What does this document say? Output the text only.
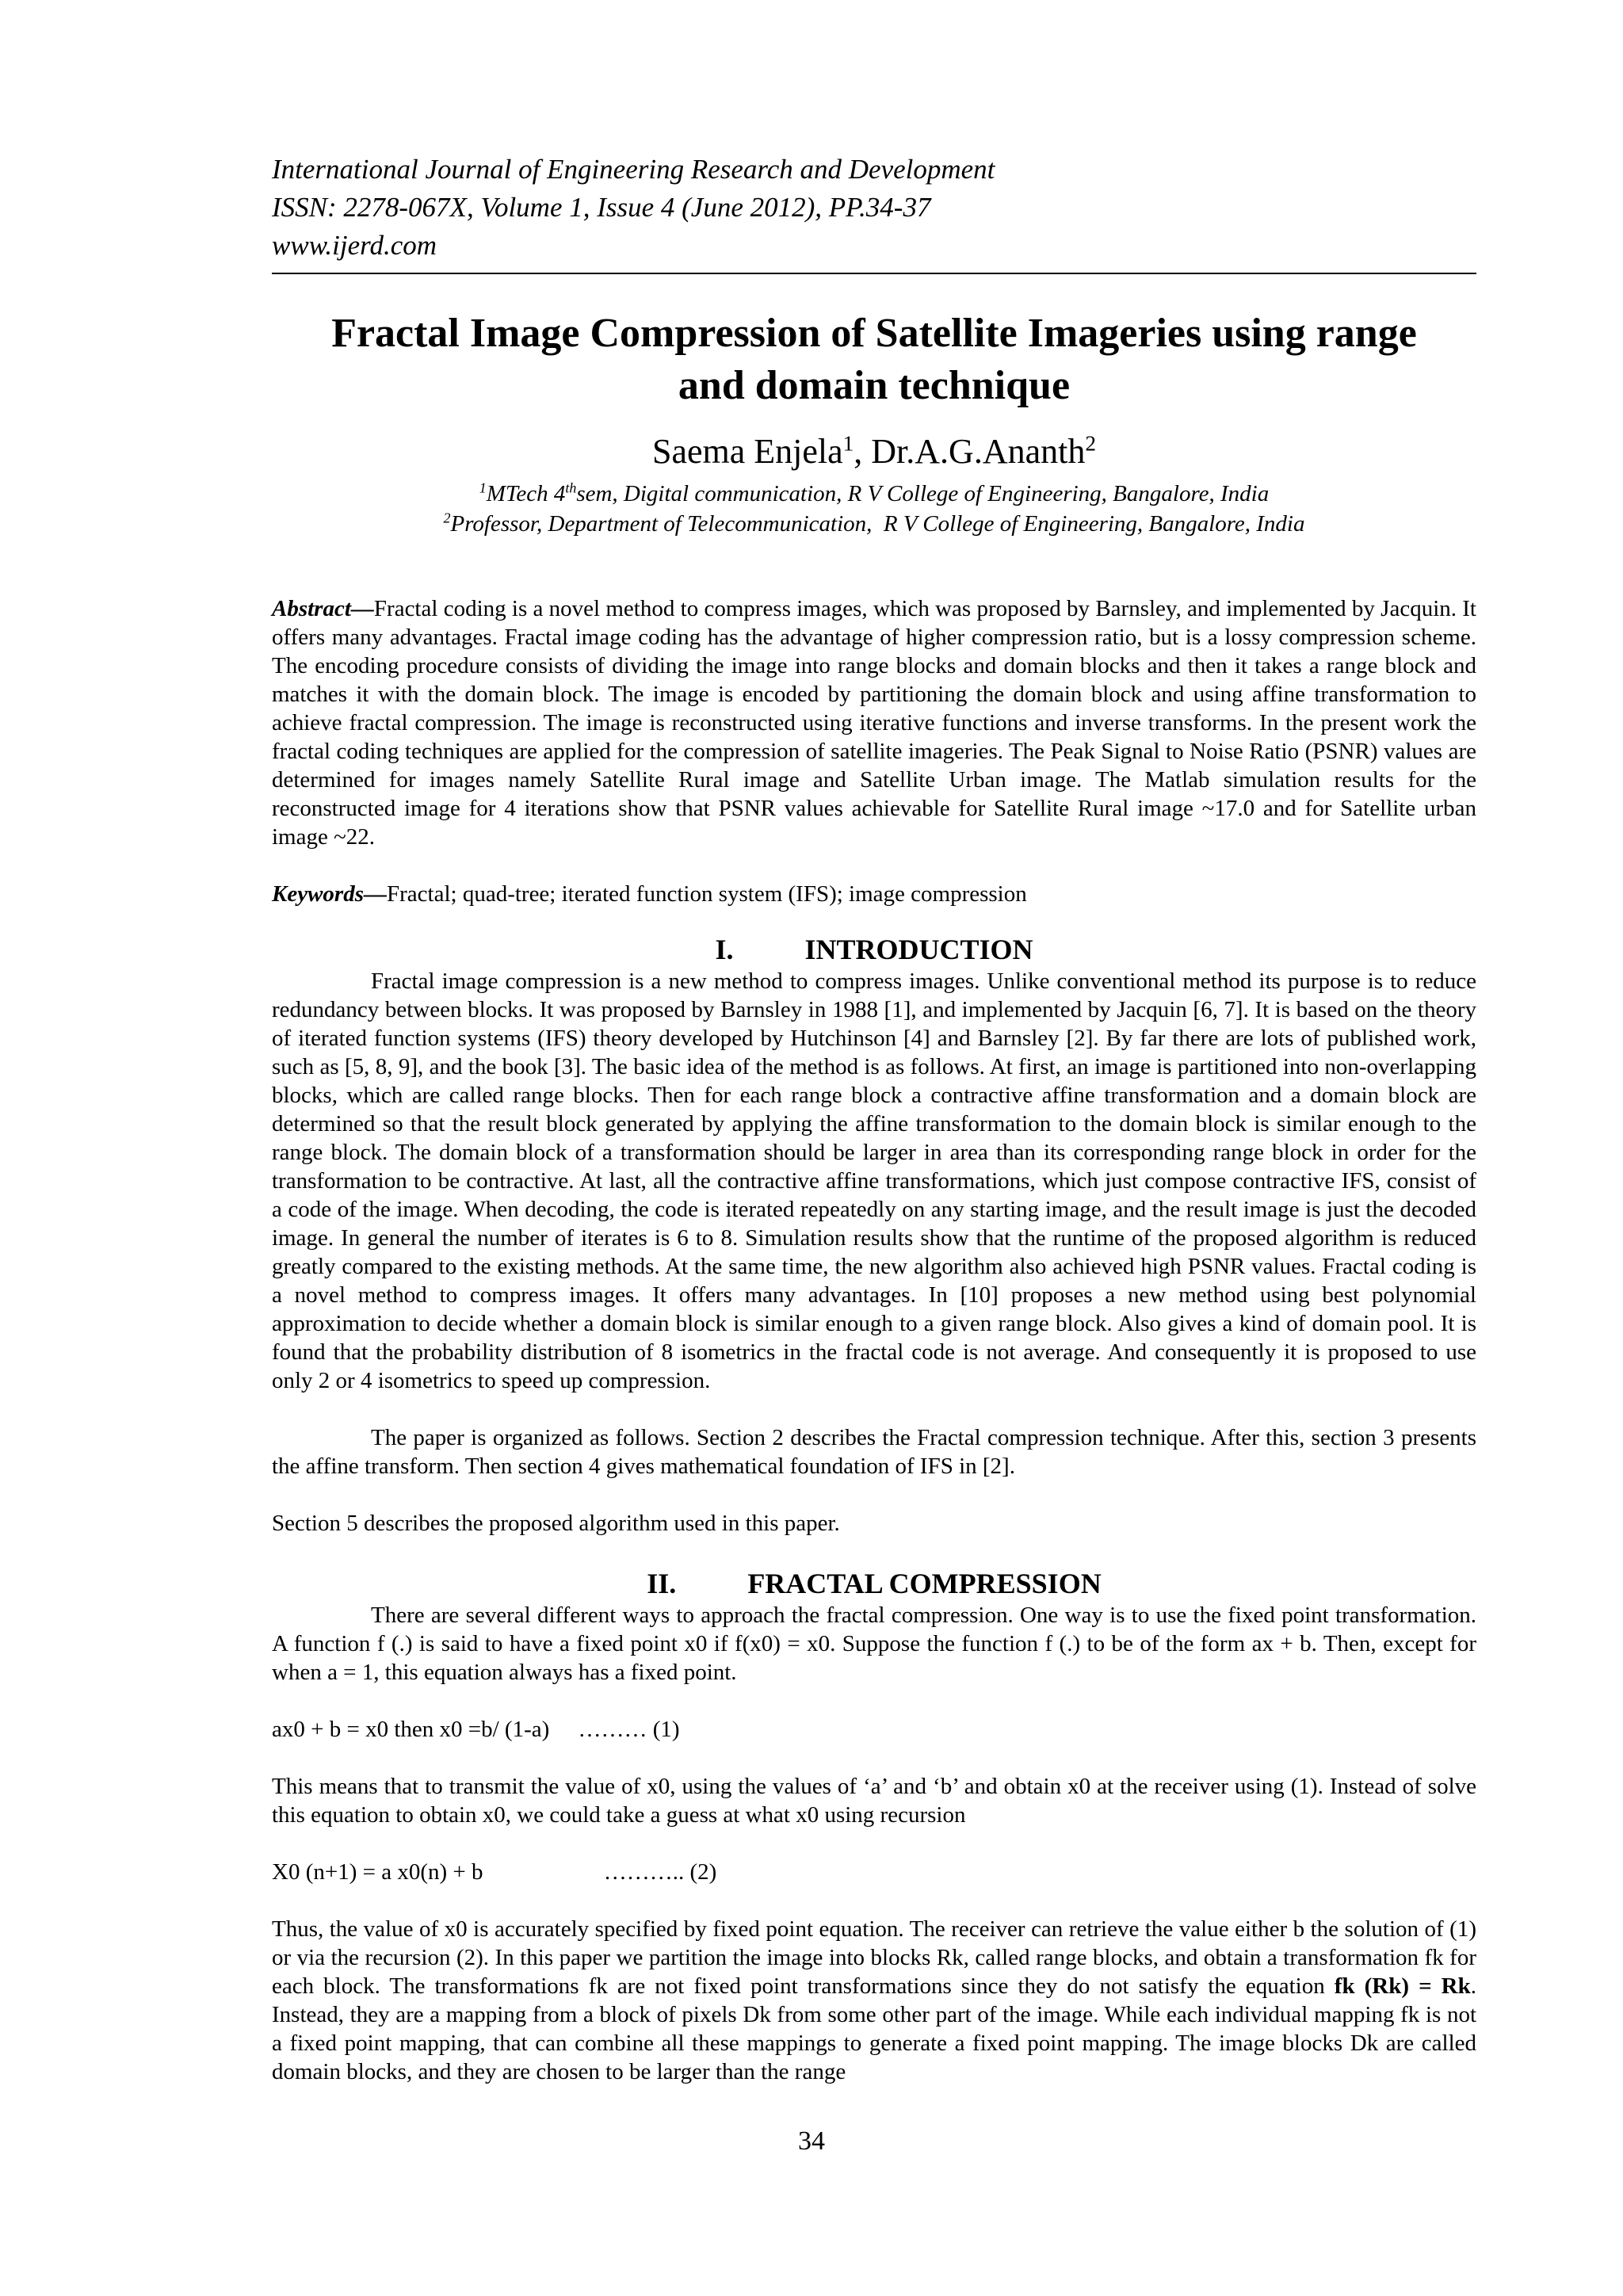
International Journal of Engineering Research and Development

ISSN: 2278-067X, Volume 1, Issue 4 (June 2012), PP.34-37

www.ijerd.com

Fractal Image Compression of Satellite Imageries using range
and domain technique
Saema Enjela$^1$, Dr.A.G.Ananth$^2$

$^1$MTech 4thsem, Digital communication, R V College of Engineering, Bangalore, India

$^2$Professor, Department of Telecommunication,  R V College of Engineering, Bangalore, India

Abstract—Fractal coding is a novel method to compress images, which was proposed by Barnsley, and implemented by Jacquin. It offers many advantages. Fractal image coding has the advantage of higher compression ratio, but is a lossy compression scheme. The encoding procedure consists of dividing the image into range blocks and domain blocks and then it takes a range block and matches it with the domain block. The image is encoded by partitioning the domain block and using affine transformation to achieve fractal compression. The image is reconstructed using iterative functions and inverse transforms. In the present work the fractal coding techniques are applied for the compression of satellite imageries. The Peak Signal to Noise Ratio (PSNR) values are determined for images namely Satellite Rural image and Satellite Urban image. The Matlab simulation results for the reconstructed image for 4 iterations show that PSNR values achievable for Satellite Rural image ~17.0 and for Satellite urban image ~22.

Keywords—Fractal; quad-tree; iterated function system (IFS); image compression

I.	INTRODUCTION

Fractal image compression is a new method to compress images. Unlike conventional method its purpose is to reduce redundancy between blocks. It was proposed by Barnsley in 1988 [1], and implemented by Jacquin [6, 7]. It is based on the theory of iterated function systems (IFS) theory developed by Hutchinson [4] and Barnsley [2]. By far there are lots of published work, such as [5, 8, 9], and the book [3]. The basic idea of the method is as follows. At first, an image is partitioned into non-overlapping blocks, which are called range blocks. Then for each range block a contractive affine transformation and a domain block are determined so that the result block generated by applying the affine transformation to the domain block is similar enough to the range block. The domain block of a transformation should be larger in area than its corresponding range block in order for the transformation to be contractive. At last, all the contractive affine transformations, which just compose contractive IFS, consist of a code of the image. When decoding, the code is iterated repeatedly on any starting image, and the result image is just the decoded image. In general the number of iterates is 6 to 8. Simulation results show that the runtime of the proposed algorithm is reduced greatly compared to the existing methods. At the same time, the new algorithm also achieved high PSNR values. Fractal coding is a novel method to compress images. It offers many advantages. In [10] proposes a new method using best polynomial approximation to decide whether a domain block is similar enough to a given range block. Also gives a kind of domain pool. It is found that the probability distribution of 8 isometrics in the fractal code is not average. And consequently it is proposed to use only 2 or 4 isometrics to speed up compression.

The paper is organized as follows. Section 2 describes the Fractal compression technique. After this, section 3 presents the affine transform. Then section 4 gives mathematical foundation of IFS in [2].

Section 5 describes the proposed algorithm used in this paper.

II.	FRACTAL COMPRESSION

There are several different ways to approach the fractal compression. One way is to use the fixed point transformation. A function f (.) is said to have a fixed point x0 if f(x0) = x0. Suppose the function f (.) to be of the form ax + b. Then, except for when a = 1, this equation always has a fixed point.

ax0 + b = x0 then x0 =b/ (1-a)     ……… (1)

This means that to transmit the value of x0, using the values of ‘a’ and ‘b’ and obtain x0 at the receiver using (1). Instead of solve this equation to obtain x0, we could take a guess at what x0 using recursion

X0 (n+1) = a x0(n) + b                     ……….. (2)

Thus, the value of x0 is accurately specified by fixed point equation. The receiver can retrieve the value either b the solution of (1) or via the recursion (2). In this paper we partition the image into blocks Rk, called range blocks, and obtain a transformation fk for each block. The transformations fk are not fixed point transformations since they do not satisfy the equation fk (Rk) = Rk. Instead, they are a mapping from a block of pixels Dk from some other part of the image. While each individual mapping fk is not a fixed point mapping, that can combine all these mappings to generate a fixed point mapping. The image blocks Dk are called domain blocks, and they are chosen to be larger than the range

34
